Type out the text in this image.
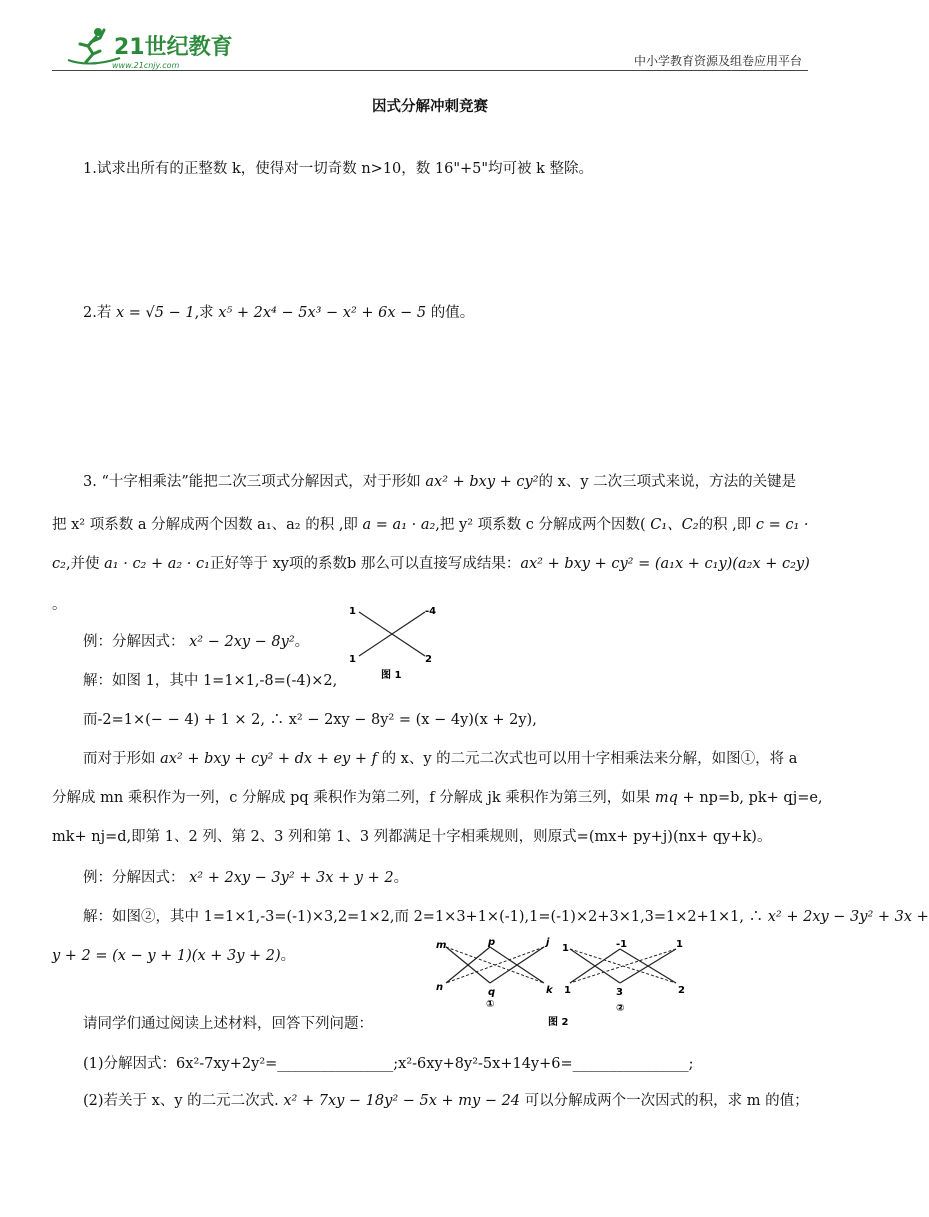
21世纪教育
www.21cnjy.com	中小学教育资源及组卷应用平台
因式分解冲刺竞赛
1.试求出所有的正整数 k，使得对一切奇数 n>10，数 16"+5"均可被 k 整除。
2.若 x = √5 − 1,求 x⁵ + 2x⁴ − 5x³ − x² + 6x − 5 的值。
3. “十字相乘法”能把二次三项式分解因式，对于形如 ax² + bxy + cy²的 x、y 二次三项式来说，方法的关键是
把 x² 项系数 a 分解成两个因数 a₁、a₂ 的积 ,即 a = a₁ · a₂,把 y² 项系数 c 分解成两个因数( C₁、C₂的积 ,即 c = c₁ ·
c₂,并使 a₁ · c₂ + a₂ · c₁正好等于 xy项的系数b 那么可以直接写成结果：ax² + bxy + cy² = (a₁x + c₁y)(a₂x + c₂y)
。
例：分解因式： x² − 2xy − 8y²。
解：如图 1，其中 1=1×1,-8=(-4)×2,
而-2=1×(− − 4) + 1 × 2, ∴ x² − 2xy − 8y² = (x − 4y)(x + 2y),
而对于形如 ax² + bxy + cy² + dx + ey + f 的 x、y 的二元二次式也可以用十字相乘法来分解，如图①，将 a
分解成 mn 乘积作为一列，c 分解成 pq 乘积作为第二列，f 分解成 jk 乘积作为第三列，如果 mq + np=b, pk+ qj=e,
mk+ nj=d,即第 1、2 列、第 2、3 列和第 1、3 列都满足十字相乘规则，则原式=(mx+ py+j)(nx+ qy+k)。
例：分解因式： x² + 2xy − 3y² + 3x + y + 2。
解：如图②，其中 1=1×1,-3=(-1)×3,2=1×2,而 2=1×3+1×(-1),1=(-1)×2+3×1,3=1×2+1×1, ∴ x² + 2xy − 3y² + 3x +
y + 2 = (x − y + 1)(x + 3y + 2)。
请同学们通过阅读上述材料，回答下列问题：
(1)分解因式：6x²-7xy+2y²=________________;x²-6xy+8y²-5x+14y+6=________________;
(2)若关于 x、y 的二元二次式. x² + 7xy − 18y² − 5x + my − 24 可以分解成两个一次因式的积，求 m 的值；
1	-4
1	2
图 1
m
n
p
q
j
k
①
1	-1	1
1	3	2
②
图 2
